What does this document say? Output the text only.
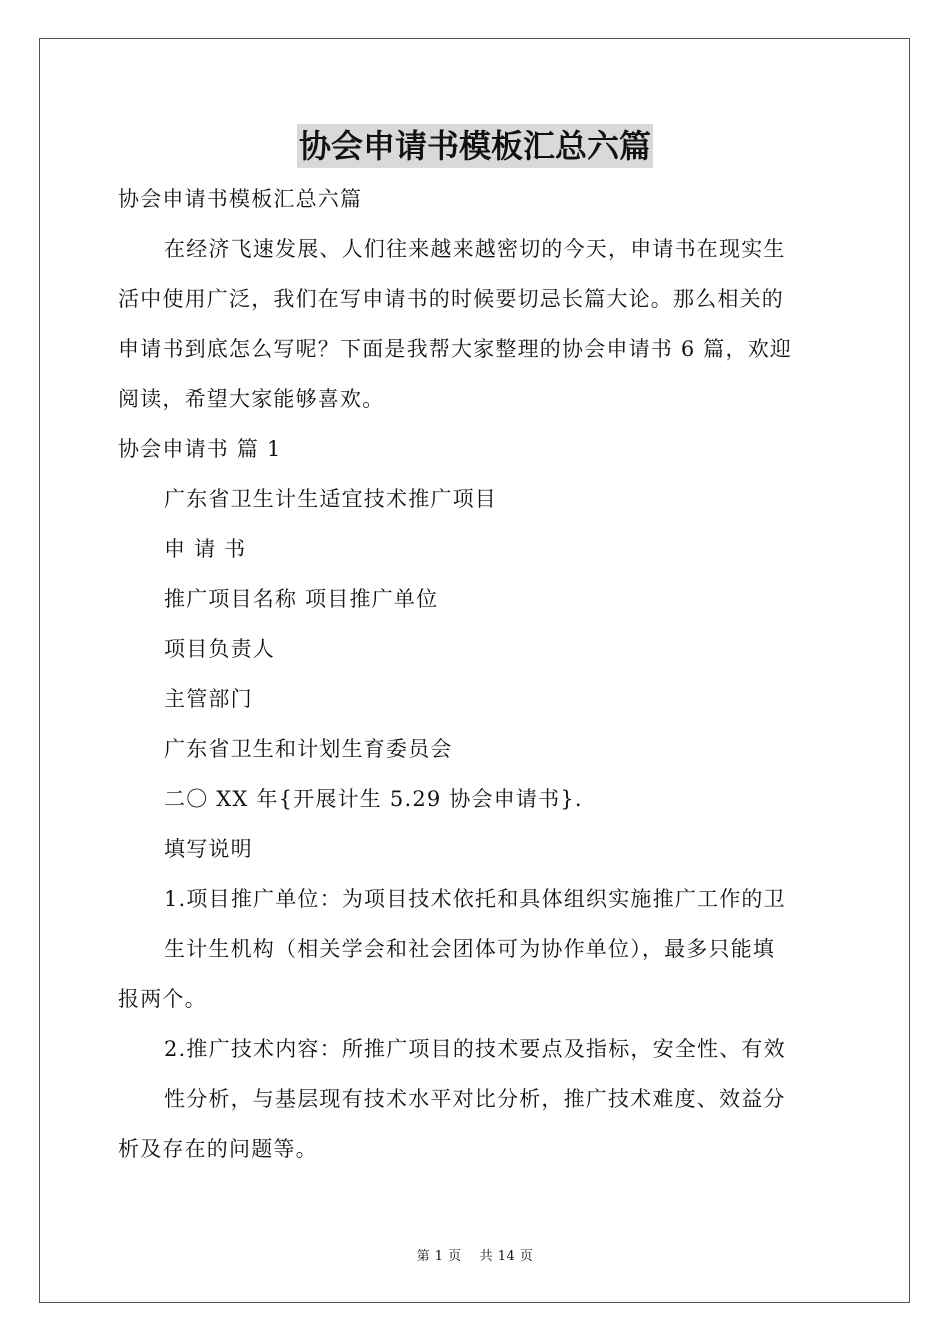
协会申请书模板汇总六篇
协会申请书模板汇总六篇
在经济飞速发展、人们往来越来越密切的今天，申请书在现实生
活中使用广泛，我们在写申请书的时候要切忌长篇大论。那么相关的
申请书到底怎么写呢？下面是我帮大家整理的协会申请书 6 篇，欢迎
阅读，希望大家能够喜欢。
协会申请书 篇 1
广东省卫生计生适宜技术推广项目
申 请 书
推广项目名称 项目推广单位
项目负责人
主管部门
广东省卫生和计划生育委员会
二〇 XX 年{开展计生 5.29 协会申请书}.
填写说明
1.项目推广单位：为项目技术依托和具体组织实施推广工作的卫
生计生机构（相关学会和社会团体可为协作单位），最多只能填
报两个。
2.推广技术内容：所推广项目的技术要点及指标，安全性、有效
性分析，与基层现有技术水平对比分析，推广技术难度、效益分
析及存在的问题等。
第 1 页 共 14 页
